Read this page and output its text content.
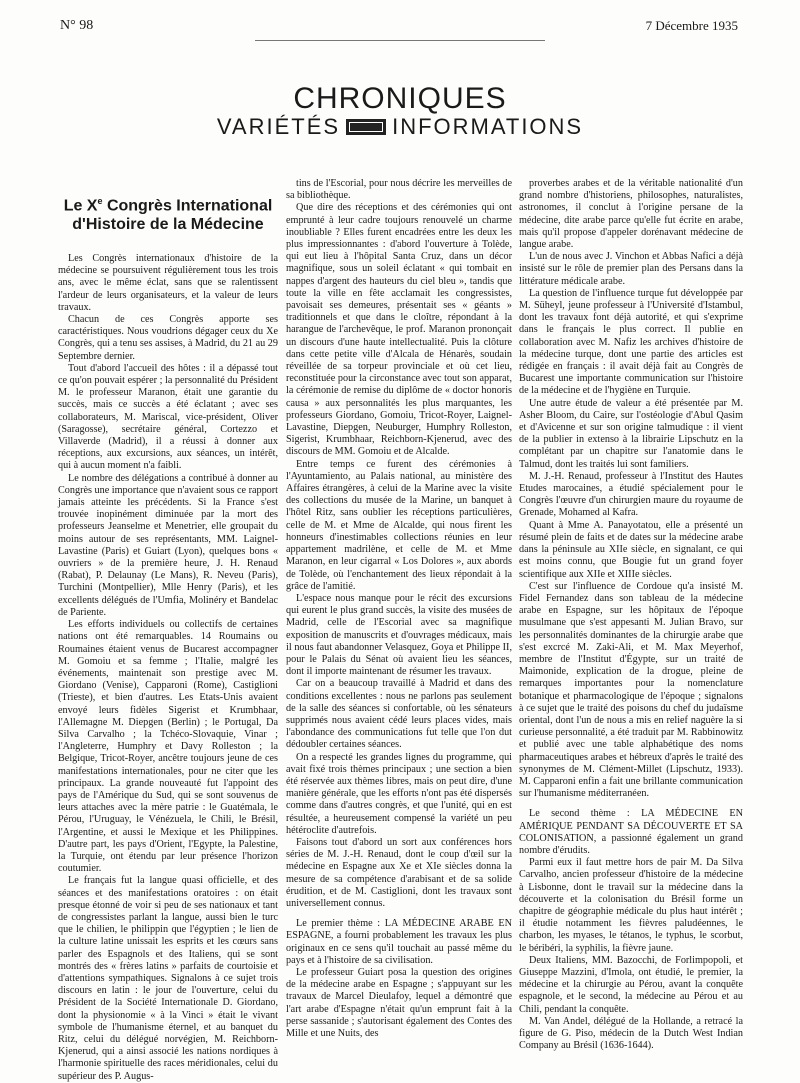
N° 98	7 Décembre 1935
CHRONIQUES
VARIÉTÉS INFORMATIONS
Le Xe Congrès International
d'Histoire de la Médecine

Les Congrès internationaux d'histoire de la médecine se poursuivent régulièrement tous les trois ans, avec le même éclat, sans que se ralentissent l'ardeur de leurs organisateurs, et la valeur de leurs travaux.

Chacun de ces Congrès apporte ses caractéristiques. Nous voudrions dégager ceux du Xe Congrès, qui a tenu ses assises, à Madrid, du 21 au 29 Septembre dernier.

Tout d'abord l'accueil des hôtes : il a dépassé tout ce qu'on pouvait espérer ; la personnalité du Président M. le professeur Maranon, était une garantie du succès, mais ce succès a été éclatant ; avec ses collaborateurs, M. Mariscal, vice-président, Oliver (Saragosse), secrétaire général, Cortezzo et Villaverde (Madrid), il a réussi à donner aux réceptions, aux excursions, aux séances, un intérêt, qui à aucun moment n'a faibli.

Le nombre des délégations a contribué à donner au Congrès une importance que n'avaient sous ce rapport jamais atteinte les précédents. Si la France s'est trouvée inopinément diminuée par la mort des professeurs Jeanselme et Menetrier, elle groupait du moins autour de ses représentants, MM. Laignel-Lavastine (Paris) et Guiart (Lyon), quelques bons « ouvriers » de la première heure, J. H. Renaud (Rabat), P. Delaunay (Le Mans), R. Neveu (Paris), Turchini (Montpellier), Mlle Henry (Paris), et les excellents délégués de l'Umfia, Molinéry et Bandelac de Pariente.

Les efforts individuels ou collectifs de certaines nations ont été remarquables. 14 Roumains ou Roumaines étaient venus de Bucarest accompagner M. Gomoiu et sa femme ; l'Italie, malgré les événements, maintenait son prestige avec M. Giordano (Venise), Capparoni (Rome), Castiglioni (Trieste), et bien d'autres. Les Etats-Unis avaient envoyé leurs fidèles Sigerist et Krumbhaar, l'Allemagne M. Diepgen (Berlin) ; le Portugal, Da Silva Carvalho ; la Tchéco-Slovaquie, Vinar ; l'Angleterre, Humphry et Davy Rolleston ; la Belgique, Tricot-Royer, ancêtre toujours jeune de ces manifestations internationales, pour ne citer que les principaux. La grande nouveauté fut l'appoint des pays de l'Amérique du Sud, qui se sont souvenus de leurs attaches avec la mère patrie : le Guatémala, le Pérou, l'Uruguay, le Vénézuela, le Chili, le Brésil, l'Argentine, et aussi le Mexique et les Philippines. D'autre part, les pays d'Orient, l'Egypte, la Palestine, la Turquie, ont étendu par leur présence l'horizon coutumier.

Le français fut la langue quasi officielle, et des séances et des manifestations oratoires : on était presque étonné de voir si peu de ses nationaux et tant de congressistes parlant la langue, aussi bien le turc que le chilien, le philippin que l'égyptien ; le lien de la culture latine unissait les esprits et les cœurs sans parler des Espagnols et des Italiens, qui se sont montrés des « frères latins » parfaits de courtoisie et d'attentions sympathiques. Signalons à ce sujet trois discours en latin : le jour de l'ouverture, celui du Président de la Société Internationale D. Giordano, dont la physionomie « à la Vinci » était le vivant symbole de l'humanisme éternel, et au banquet du Ritz, celui du délégué norvégien, M. Reichborn-Kjenerud, qui a ainsi associé les nations nordiques à l'harmonie spirituelle des races méridionales, celui du supérieur des P. Augus-

tins de l'Escorial, pour nous décrire les merveilles de sa bibliothèque.

Que dire des réceptions et des cérémonies qui ont emprunté à leur cadre toujours renouvelé un charme inoubliable ? Elles furent encadrées entre les deux les plus impressionnantes : d'abord l'ouverture à Tolède, qui eut lieu à l'hôpital Santa Cruz, dans un décor magnifique, sous un soleil éclatant « qui tombait en nappes d'argent des hauteurs du ciel bleu », tandis que toute la ville en fête acclamait les congressistes, pavoisait ses demeures, présentait ses « géants » traditionnels et que dans le cloître, répondant à la harangue de l'archevêque, le prof. Maranon prononçait un discours d'une haute intellectualité. Puis la clôture dans cette petite ville d'Alcala de Hénarès, soudain réveillée de sa torpeur provinciale et où cet lieu, reconstituée pour la circonstance avec tout son apparat, la cérémonie de remise du diplôme de « doctor honoris causa » aux personnalités les plus marquantes, les professeurs Giordano, Gomoiu, Tricot-Royer, Laignel-Lavastine, Diepgen, Neuburger, Humphry Rolleston, Sigerist, Krumbhaar, Reichborn-Kjenerud, avec des discours de MM. Gomoiu et de Alcalde.

Entre temps ce furent des cérémonies à l'Ayuntamiento, au Palais national, au ministère des Affaires étrangères, à celui de la Marine avec la visite des collections du musée de la Marine, un banquet à l'hôtel Ritz, sans oublier les réceptions particulières, celle de M. et Mme de Alcalde, qui nous firent les honneurs d'inestimables collections réunies en leur appartement madrilène, et celle de M. et Mme Maranon, en leur cigarral « Los Dolores », aux abords de Tolède, où l'enchantement des lieux répondait à la grâce de l'amitié.

L'espace nous manque pour le récit des excursions qui eurent le plus grand succès, la visite des musées de Madrid, celle de l'Escorial avec sa magnifique exposition de manuscrits et d'ouvrages médicaux, mais il nous faut abandonner Velasquez, Goya et Philippe II, pour le Palais du Sénat où avaient lieu les séances, dont il importe maintenant de résumer les travaux.

Car on a beaucoup travaillé à Madrid et dans des conditions excellentes : nous ne parlons pas seulement de la salle des séances si confortable, où les sénateurs supprimés nous avaient cédé leurs places vides, mais l'abondance des communications fut telle que l'on dut dédoubler certaines séances.

On a respecté les grandes lignes du programme, qui avait fixé trois thèmes principaux ; une section a bien été réservée aux thèmes libres, mais on peut dire, d'une manière générale, que les efforts n'ont pas été dispersés comme dans d'autres congrès, et que l'unité, qui en est résultée, a heureusement compensé la variété un peu hétéroclite d'autrefois.

Faisons tout d'abord un sort aux conférences hors séries de M. J.-H. Renaud, dont le coup d'œil sur la médecine en Espagne aux Xe et XIe siècles donna la mesure de sa compétence d'arabisant et de sa solide érudition, et de M. Castiglioni, dont les travaux sont universellement connus.

Le premier thème : LA MÉDECINE ARABE EN ESPAGNE, a fourni probablement les travaux les plus originaux en ce sens qu'il touchait au passé même du pays et à l'histoire de sa civilisation.

Le professeur Guiart posa la question des origines de la médecine arabe en Espagne ; s'appuyant sur les travaux de Marcel Dieulafoy, lequel a démontré que l'art arabe d'Espagne n'était qu'un emprunt fait à la perse sassanide ; s'autorisant également des Contes des Mille et une Nuits, des

proverbes arabes et de la véritable nationalité d'un grand nombre d'historiens, philosophes, naturalistes, astronomes, il conclut à l'origine persane de la médecine, dite arabe parce qu'elle fut écrite en arabe, mais qu'il propose d'appeler dorénavant médecine de langue arabe.

L'un de nous avec J. Vinchon et Abbas Nafici a déjà insisté sur le rôle de premier plan des Persans dans la littérature médicale arabe.

La question de l'influence turque fut développée par M. Süheyl, jeune professeur à l'Université d'Istambul, dont les travaux font déjà autorité, et qui s'exprime dans le français le plus correct. Il publie en collaboration avec M. Nafiz les archives d'histoire de la médecine turque, dont une partie des articles est rédigée en français : il avait déjà fait au Congrès de Bucarest une importante communication sur l'histoire de la médecine et de l'hygiène en Turquie.

Une autre étude de valeur a été présentée par M. Asher Bloom, du Caire, sur l'ostéologie d'Abul Qasim et d'Avicenne et sur son origine talmudique : il vient de la publier in extenso à la librairie Lipschutz en la complétant par un chapitre sur l'anatomie dans le Talmud, dont les traités lui sont familiers.

M. J.-H. Renaud, professeur à l'Institut des Hautes Etudes marocaines, a étudié spécialement pour le Congrès l'œuvre d'un chirurgien maure du royaume de Grenade, Mohamed al Kafra.

Quant à Mme A. Panayotatou, elle a présenté un résumé plein de faits et de dates sur la médecine arabe dans la péninsule au XIIe siècle, en signalant, ce qui est moins connu, que Bougie fut un grand foyer scientifique aux XIIe et XIIIe siècles.

C'est sur l'influence de Cordoue qu'a insisté M. Fidel Fernandez dans son tableau de la médecine arabe en Espagne, sur les hôpitaux de l'époque musulmane que s'est appesanti M. Julian Bravo, sur les personnalités dominantes de la chirurgie arabe que s'est excrcé M. Zaki-Ali, et M. Max Meyerhof, membre de l'Institut d'Égypte, sur un traité de Maimonide, explication de la drogue, pleine de remarques importantes pour la nomenclature botanique et pharmacologique de l'époque ; signalons à ce sujet que le traité des poisons du chef du judaïsme oriental, dont l'un de nous a mis en relief naguère la si curieuse personnalité, a été traduit par M. Rabbinowitz et publié avec une table alphabétique des noms pharmaceutiques arabes et hébreux d'après le traité des synonymes de M. Clément-Millet (Lipschutz, 1933). M. Capparoni enfin a fait une brillante communication sur l'humanisme méditerranéen.

Le second thème : LA MÉDECINE EN AMÉRIQUE PENDANT SA DÉCOUVERTE ET SA COLONISATION, a passionné également un grand nombre d'érudits.

Parmi eux il faut mettre hors de pair M. Da Silva Carvalho, ancien professeur d'histoire de la médecine à Lisbonne, dont le travail sur la médecine dans la découverte et la colonisation du Brésil forme un chapitre de géographie médicale du plus haut intérêt ; il étudie notamment les fièvres paludéennes, le charbon, les myases, le tétanos, le typhus, le scorbut, le béribéri, la syphilis, la fièvre jaune.

Deux Italiens, MM. Bazocchi, de Forlimpopoli, et Giuseppe Mazzini, d'Imola, ont étudié, le premier, la médecine et la chirurgie au Pérou, avant la conquête espagnole, et le second, la médecine au Pérou et au Chili, pendant la conquête.

M. Van Andel, délégué de la Hollande, a retracé la figure de G. Piso, médecin de la Dutch West Indian Company au Brésil (1636-1644).
